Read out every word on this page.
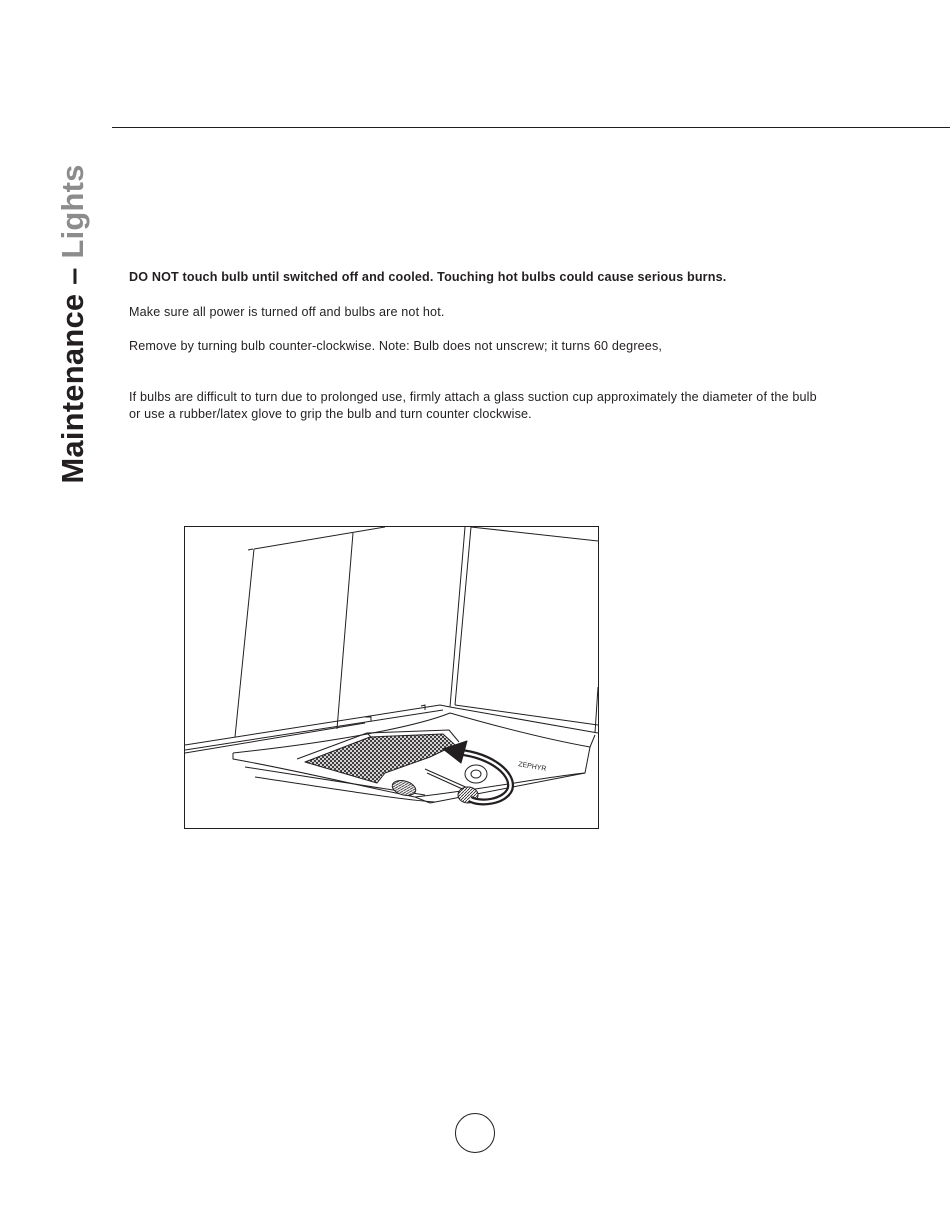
Maintenance – Lights

DO NOT touch bulb until switched off and cooled. Touching hot bulbs could cause serious burns.

Make sure all power is turned off and bulbs are not hot.

Remove by turning bulb counter-clockwise. Note: Bulb does not unscrew; it turns 60 degrees,

If bulbs are difficult to turn due to prolonged use, firmly attach a glass suction cup approximately the diameter of the bulb or use a rubber/latex glove to grip the bulb and turn counter clockwise.

ZEPHYR
